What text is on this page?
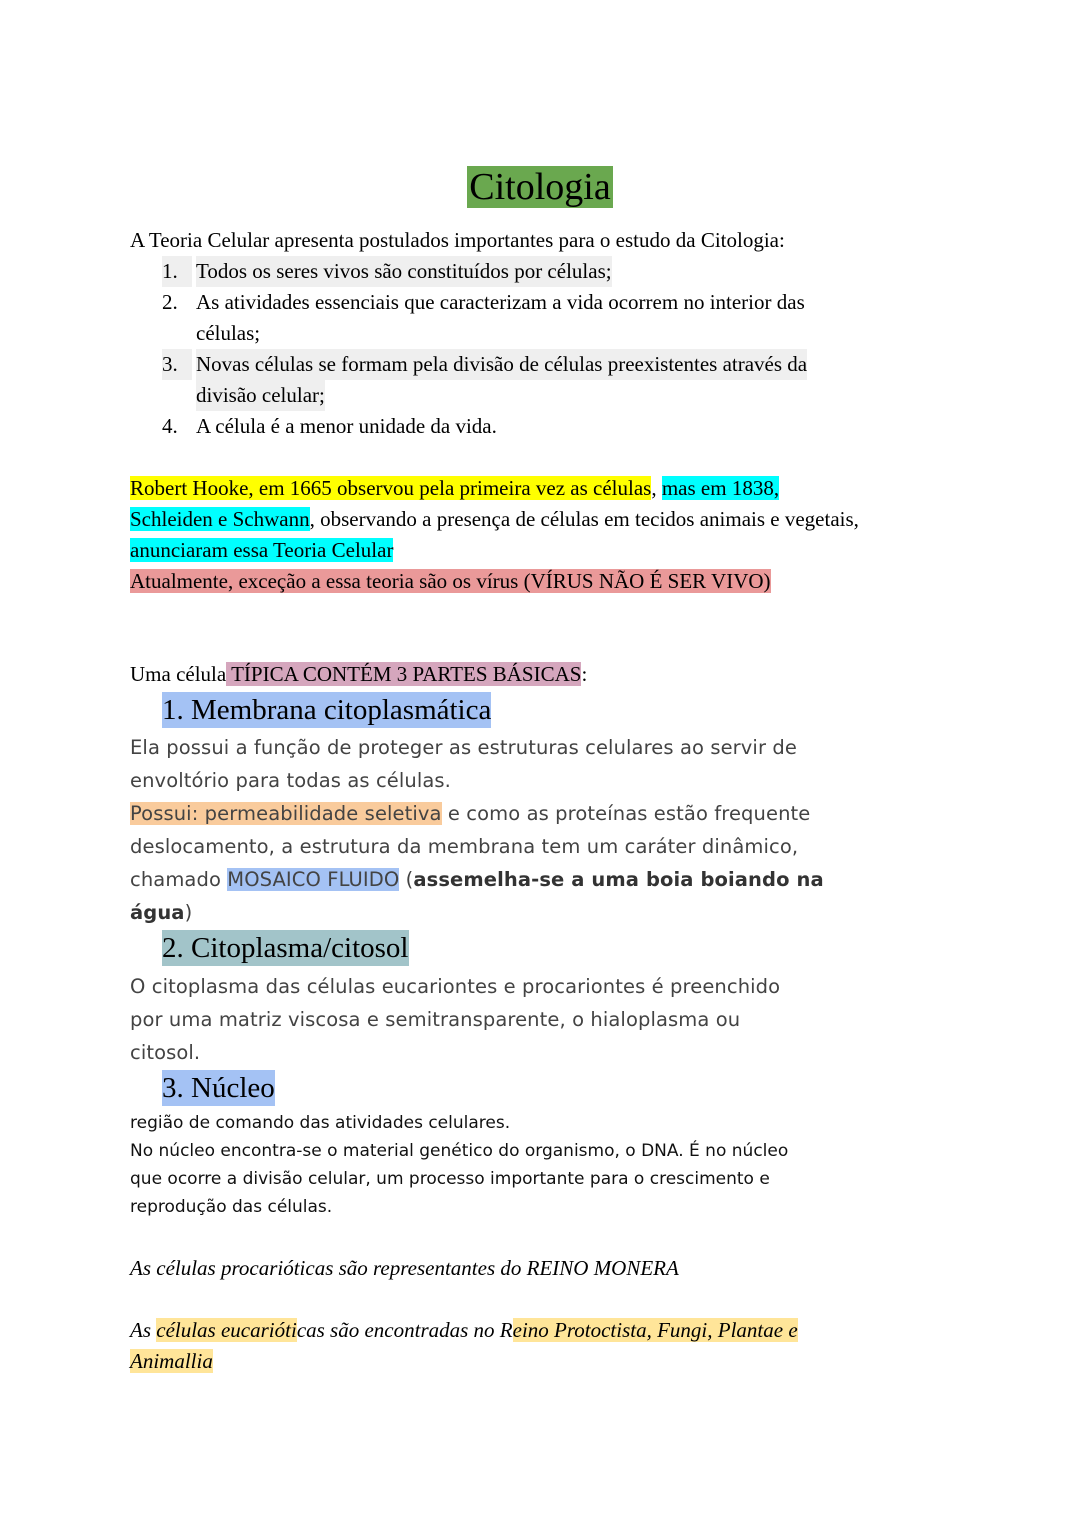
Citologia
A Teoria Celular apresenta postulados importantes para o estudo da Citologia:
1. Todos os seres vivos são constituídos por células;
2. As atividades essenciais que caracterizam a vida ocorrem no interior das
células;
3. Novas células se formam pela divisão de células preexistentes através da
divisão celular;
4. A célula é a menor unidade da vida.
Robert Hooke, em 1665 observou pela primeira vez as células, mas em 1838,
Schleiden e Schwann, observando a presença de células em tecidos animais e vegetais,
anunciaram essa Teoria Celular
Atualmente, exceção a essa teoria são os vírus (VÍRUS NÃO É SER VIVO)
Uma célula TÍPICA CONTÉM 3 PARTES BÁSICAS:
1. Membrana citoplasmática
Ela possui a função de proteger as estruturas celulares ao servir de
envoltório para todas as células.
Possui: permeabilidade seletiva e como as proteínas estão frequente
deslocamento, a estrutura da membrana tem um caráter dinâmico,
chamado MOSAICO FLUIDO (assemelha-se a uma boia boiando na
água)
2. Citoplasma/citosol
O citoplasma das células eucariontes e procariontes é preenchido
por uma matriz viscosa e semitransparente, o hialoplasma ou
citosol.
3. Núcleo
região de comando das atividades celulares.
No núcleo encontra-se o material genético do organismo, o DNA. É no núcleo
que ocorre a divisão celular, um processo importante para o crescimento e
reprodução das células.
As células procarióticas são representantes do REINO MONERA
As células eucarióticas são encontradas no Reino Protoctista, Fungi, Plantae e
Animallia
